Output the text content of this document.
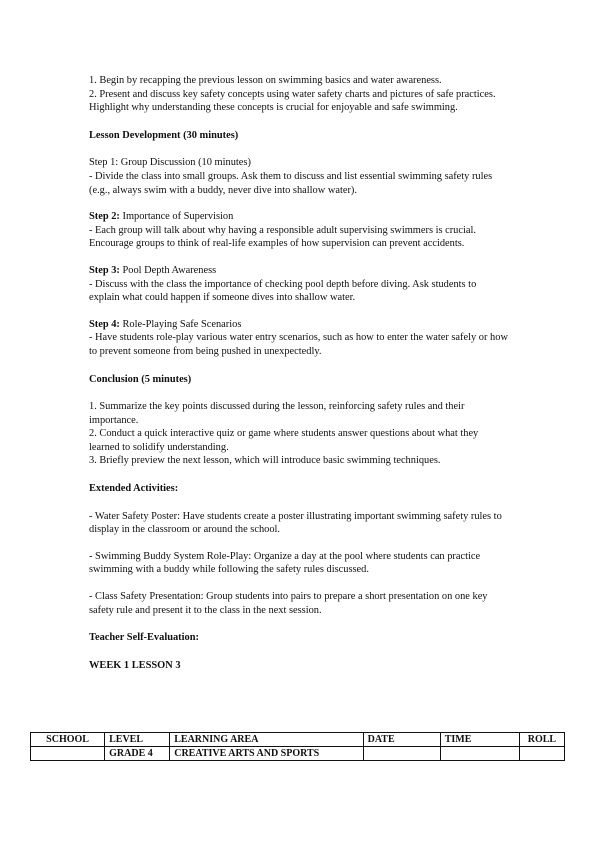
1. Begin by recapping the previous lesson on swimming basics and water awareness.

2. Present and discuss key safety concepts using water safety charts and pictures of safe practices. Highlight why understanding these concepts is crucial for enjoyable and safe swimming.

Lesson Development (30 minutes)

Step 1: Group Discussion (10 minutes)

- Divide the class into small groups. Ask them to discuss and list essential swimming safety rules (e.g., always swim with a buddy, never dive into shallow water).

Step 2: Importance of Supervision

- Each group will talk about why having a responsible adult supervising swimmers is crucial. Encourage groups to think of real-life examples of how supervision can prevent accidents.

Step 3: Pool Depth Awareness

- Discuss with the class the importance of checking pool depth before diving. Ask students to explain what could happen if someone dives into shallow water.

Step 4: Role-Playing Safe Scenarios

- Have students role-play various water entry scenarios, such as how to enter the water safely or how to prevent someone from being pushed in unexpectedly.

Conclusion (5 minutes)

1. Summarize the key points discussed during the lesson, reinforcing safety rules and their importance.

2. Conduct a quick interactive quiz or game where students answer questions about what they learned to solidify understanding.

3. Briefly preview the next lesson, which will introduce basic swimming techniques.

Extended Activities:

- Water Safety Poster: Have students create a poster illustrating important swimming safety rules to display in the classroom or around the school.

- Swimming Buddy System Role-Play: Organize a day at the pool where students can practice swimming with a buddy while following the safety rules discussed.

- Class Safety Presentation: Group students into pairs to prepare a short presentation on one key safety rule and present it to the class in the next session.

Teacher Self-Evaluation:

WEEK 1 LESSON 3

SCHOOL	LEVEL	LEARNING AREA	DATE	TIME	ROLL
	GRADE 4	CREATIVE ARTS AND SPORTS			
